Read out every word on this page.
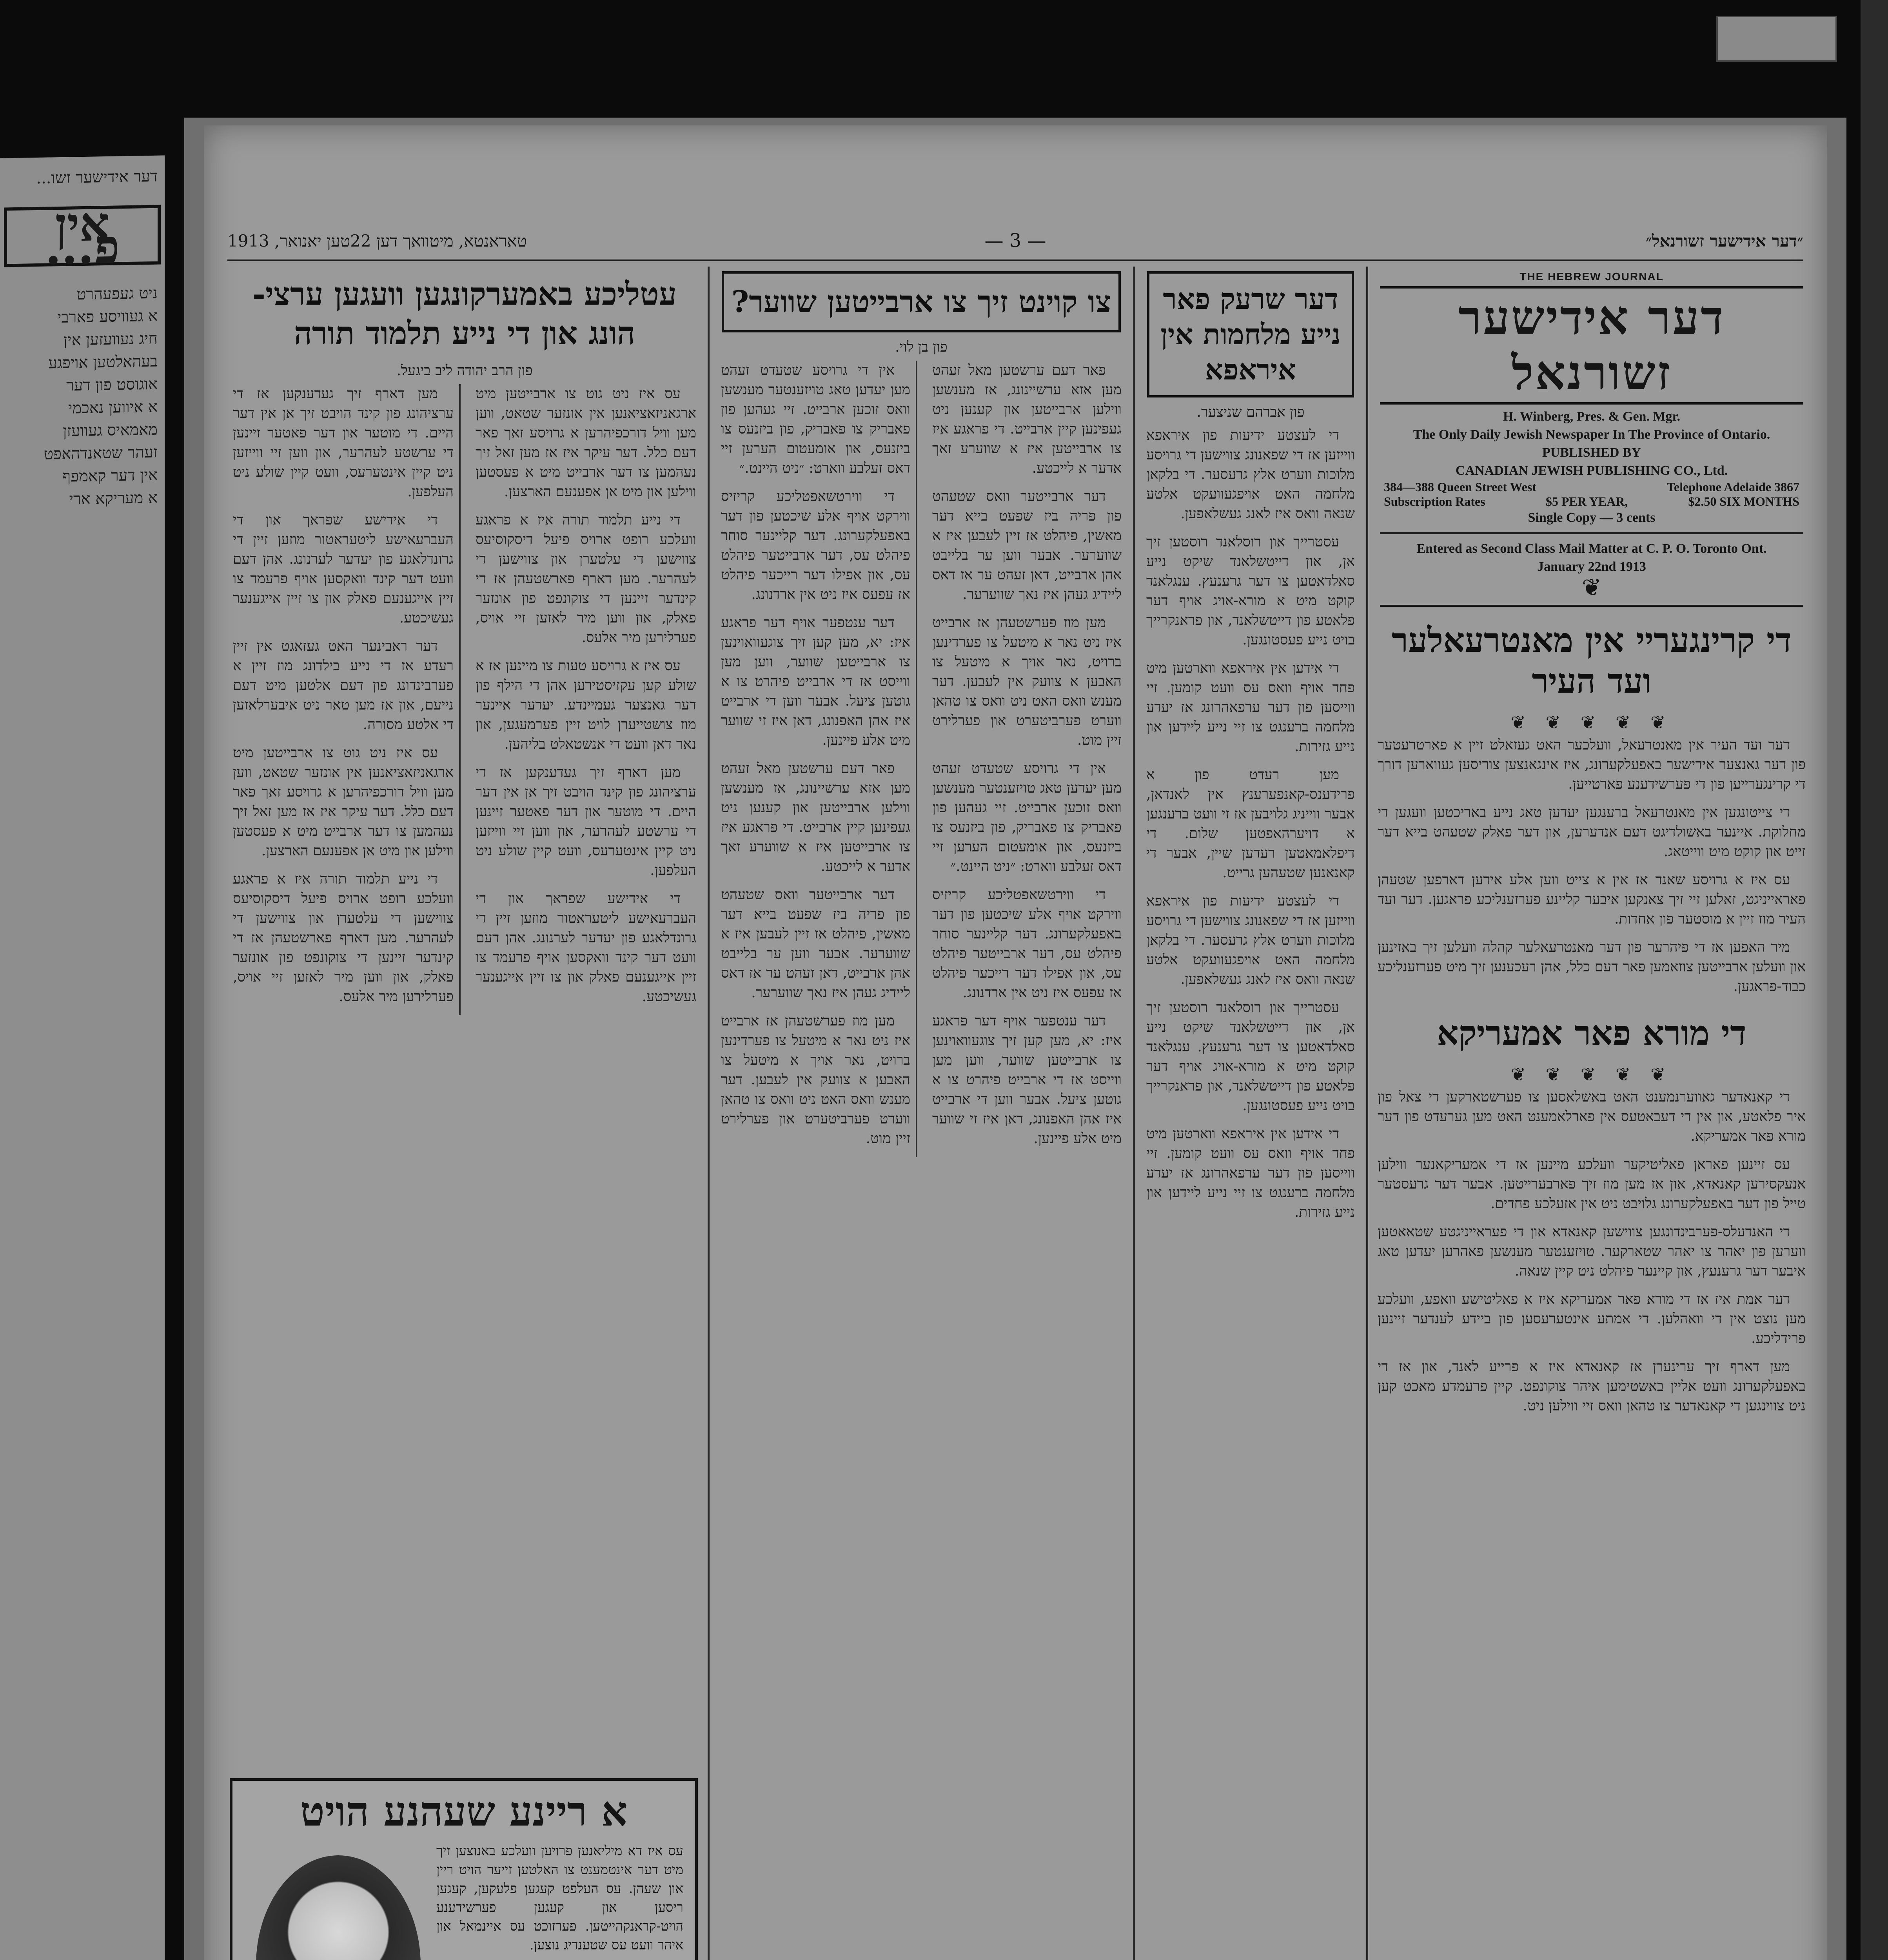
דער אידישער זשו...
אין פ...
ניט געפעהרט
א געוויסע פארבי
חיג נעוועזען אין
בעהאלטען אויפגע
אוגוסט פון דער
א איווען נאכמי
מאמאיס געוועזן
זעהר שטאנדהאפט
אין דער קאמפף
א מעריקא ארי
״דער אידישער זשורנאל״
— 3 —
טאראנטא, מיטוואך דען 22טען יאנואר, 1913
THE HEBREW JOURNAL
דער אידישער זשורנאל
H. Winberg, Pres. & Gen. Mgr.
The Only Daily Jewish Newspaper In The Province of Ontario.
PUBLISHED BY
CANADIAN JEWISH PUBLISHING CO., Ltd.
384—388 Queen Street West	Telephone Adelaide 3867
Subscription Rates	$5 PER YEAR,	$2.50 SIX MONTHS
Single Copy — 3 cents
Entered as Second Class Mail Matter at C. P. O. Toronto Ont.
January 22nd 1913
❦
די קרינגעריי אין מאנטרעאלער ועד העיר
❦ ❦ ❦ ❦ ❦

דער ועד העיר אין מאנטרעאל, וועלכער האט געזאלט זיין א פארטרעטער פון דער גאנצער אידישער באפעלקערונג, איז אינגאנצען צוריסען געווארען דורך די קרינגערייען פון די פערשידענע פארטייען.

די צייטונגען אין מאנטרעאל ברענגען יעדען טאג נייע באריכטען וועגען די מחלוקת. איינער באשולדיגט דעם אנדערען, און דער פאלק שטעהט בייא דער זייט און קוקט מיט ווייטאג.

עס איז א גרויסע שאנד אז אין א צייט ווען אלע אידען דארפען שטעהן פאראייניגט, זאלען זיי זיך צאנקען איבער קליינע פערזענליכע פראגען. דער ועד העיר מוז זיין א מוסטער פון אחדות.

מיר האפען אז די פיהרער פון דער מאנטרעאלער קהלה וועלען זיך באזינען און וועלען ארבייטען צוזאמען פאר דעם כלל, אהן רעכענען זיך מיט פערזענליכע כבוד-פראגען.

די מורא פאר אמעריקא
❦ ❦ ❦ ❦ ❦

די קאנאדער גאווערנמענט האט באשלאסען צו פערשטארקען די צאל פון איר פלאטע, און אין די דעבאטעס אין פארלאמענט האט מען גערעדט פון דער מורא פאר אמעריקא.

עס זיינען פאראן פאליטיקער וועלכע מיינען אז די אמעריקאנער ווילען אנעקסירען קאנאדא, און אז מען מוז זיך פארבערייטען. אבער דער גרעסטער טייל פון דער באפעלקערונג גלויבט ניט אין אזעלכע פחדים.

די האנדעלס-פערבינדונגען צווישען קאנאדא און די פעראייניגטע שטאאטען ווערען פון יאהר צו יאהר שטארקער. טויזענטער מענשען פאהרען יעדען טאג איבער דער גרענעץ, און קיינער פיהלט ניט קיין שנאה.

דער אמת איז אז די מורא פאר אמעריקא איז א פאליטישע וואפע, וועלכע מען נוצט אין די וואהלען. די אמתע אינטערעסען פון ביידע לענדער זיינען פרידליכע.

מען דארף זיך ערינערן אז קאנאדא איז א פרייע לאנד, און אז די באפעלקערונג וועט אליין באשטימען איהר צוקונפט. קיין פרעמדע מאכט קען ניט צווינגען די קאנאדער צו טהאן וואס זיי ווילען ניט.

דער שרעק פאר נייע מלחמות אין איראפא
פון אברהם שניצער.

די לעצטע ידיעות פון איראפא ווייזען אז די שפאנונג צווישען די גרויסע מלוכות ווערט אלץ גרעסער. די בלקאן מלחמה האט אויפגעוועקט אלטע שנאה וואס איז לאנג געשלאפען.

עסטרייך און רוסלאנד רוסטען זיך אן, און דייטשלאנד שיקט נייע סאלדאטען צו דער גרענעץ. ענגלאנד קוקט מיט א מורא-אויג אויף דער פלאטע פון דייטשלאנד, און פראנקרייך בויט נייע פעסטונגען.

די אידען אין איראפא ווארטען מיט פחד אויף וואס עס וועט קומען. זיי ווייסען פון דער ערפאהרונג אז יעדע מלחמה ברענגט צו זיי נייע ליידען און נייע גזירות.

מען רעדט פון א פרידענס-קאנפערענץ אין לאנדאן, אבער ווייניג גלויבען אז זי וועט ברענגען א דויערהאפטען שלום. די דיפלאמאטען רעדען שיין, אבער די קאנאנען שטעהען גרייט.

די לעצטע ידיעות פון איראפא ווייזען אז די שפאנונג צווישען די גרויסע מלוכות ווערט אלץ גרעסער. די בלקאן מלחמה האט אויפגעוועקט אלטע שנאה וואס איז לאנג געשלאפען.

עסטרייך און רוסלאנד רוסטען זיך אן, און דייטשלאנד שיקט נייע סאלדאטען צו דער גרענעץ. ענגלאנד קוקט מיט א מורא-אויג אויף דער פלאטע פון דייטשלאנד, און פראנקרייך בויט נייע פעסטונגען.

די אידען אין איראפא ווארטען מיט פחד אויף וואס עס וועט קומען. זיי ווייסען פון דער ערפאהרונג אז יעדע מלחמה ברענגט צו זיי נייע ליידען און נייע גזירות.

צו קוינט זיך צו ארבייטען שווער?
פון בן לוי.

פאר דעם ערשטען מאל זעהט מען אזא ערשיינונג, אז מענשען ווילען ארבייטען און קענען ניט געפינען קיין ארבייט. די פראגע איז צו ארבייטען איז א שווערע זאך אדער א לייכטע.

דער ארבייטער וואס שטעהט פון פריה ביז שפעט בייא דער מאשין, פיהלט אז זיין לעבען איז א שווערער. אבער ווען ער בלייבט אהן ארבייט, דאן זעהט ער אז דאס ליידיג געהן איז נאך שווערער.

מען מוז פערשטעהן אז ארבייט איז ניט נאר א מיטעל צו פערדינען ברויט, נאר אויך א מיטעל צו האבען א צוועק אין לעבען. דער מענש וואס האט ניט וואס צו טהאן ווערט פערביטערט און פערלירט זיין מוט.

אין די גרויסע שטעדט זעהט מען יעדען טאג טויזענטער מענשען וואס זוכען ארבייט. זיי געהען פון פאבריק צו פאבריק, פון ביזנעס צו ביזנעס, און אומעטום הערען זיי דאס זעלבע ווארט: ״ניט היינט.״

די ווירטשאפטליכע קריזיס ווירקט אויף אלע שיכטען פון דער באפעלקערונג. דער קליינער סוחר פיהלט עס, דער ארבייטער פיהלט עס, און אפילו דער רייכער פיהלט אז עפעס איז ניט אין ארדנונג.

דער ענטפער אויף דער פראגע איז: יא, מען קען זיך צוגעוואוינען צו ארבייטען שווער, ווען מען ווייסט אז די ארבייט פיהרט צו א גוטען ציעל. אבער ווען די ארבייט איז אהן האפנונג, דאן איז זי שווער מיט אלע פיינען.

אין די גרויסע שטעדט זעהט מען יעדען טאג טויזענטער מענשען וואס זוכען ארבייט. זיי געהען פון פאבריק צו פאבריק, פון ביזנעס צו ביזנעס, און אומעטום הערען זיי דאס זעלבע ווארט: ״ניט היינט.״

די ווירטשאפטליכע קריזיס ווירקט אויף אלע שיכטען פון דער באפעלקערונג. דער קליינער סוחר פיהלט עס, דער ארבייטער פיהלט עס, און אפילו דער רייכער פיהלט אז עפעס איז ניט אין ארדנונג.

דער ענטפער אויף דער פראגע איז: יא, מען קען זיך צוגעוואוינען צו ארבייטען שווער, ווען מען ווייסט אז די ארבייט פיהרט צו א גוטען ציעל. אבער ווען די ארבייט איז אהן האפנונג, דאן איז זי שווער מיט אלע פיינען.

פאר דעם ערשטען מאל זעהט מען אזא ערשיינונג, אז מענשען ווילען ארבייטען און קענען ניט געפינען קיין ארבייט. די פראגע איז צו ארבייטען איז א שווערע זאך אדער א לייכטע.

דער ארבייטער וואס שטעהט פון פריה ביז שפעט בייא דער מאשין, פיהלט אז זיין לעבען איז א שווערער. אבער ווען ער בלייבט אהן ארבייט, דאן זעהט ער אז דאס ליידיג געהן איז נאך שווערער.

מען מוז פערשטעהן אז ארבייט איז ניט נאר א מיטעל צו פערדינען ברויט, נאר אויך א מיטעל צו האבען א צוועק אין לעבען. דער מענש וואס האט ניט וואס צו טהאן ווערט פערביטערט און פערלירט זיין מוט.

עטליכע באמערקונגען וועגען ערצי- הונג און די נייע תלמוד תורה
פון הרב יהודה ליב ביגעל.

עס איז ניט גוט צו ארבייטען מיט ארגאניזאציאנען אין אונזער שטאט, ווען מען וויל דורכפיהרען א גרויסע זאך פאר דעם כלל. דער עיקר איז אז מען זאל זיך נעהמען צו דער ארבייט מיט א פעסטען ווילען און מיט אן אפענעם הארצען.

די נייע תלמוד תורה איז א פראגע וועלכע רופט ארויס פיעל דיסקוסיעס צווישען די עלטערן און צווישען די לעהרער. מען דארף פארשטעהן אז די קינדער זיינען די צוקונפט פון אונזער פאלק, און ווען מיר לאזען זיי אויס, פערלירען מיר אלעס.

עס איז א גרויסע טעות צו מיינען אז א שולע קען עקזיסטירען אהן די הילף פון דער גאנצער געמיינדע. יעדער איינער מוז צושטייערן לויט זיין פערמעגען, און נאר דאן וועט די אנשטאלט בליהען.

מען דארף זיך געדענקען אז די ערציהונג פון קינד הויבט זיך אן אין דער היים. די מוטער און דער פאטער זיינען די ערשטע לעהרער, און ווען זיי ווייזען ניט קיין אינטערעס, וועט קיין שולע ניט העלפען.

די אידישע שפראך און די העברעאישע ליטעראטור מוזען זיין די גרונדלאגע פון יעדער לערנונג. אהן דעם וועט דער קינד וואקסען אויף פרעמד צו זיין אייגענעם פאלק און צו זיין אייגענער געשיכטע.

מען דארף זיך געדענקען אז די ערציהונג פון קינד הויבט זיך אן אין דער היים. די מוטער און דער פאטער זיינען די ערשטע לעהרער, און ווען זיי ווייזען ניט קיין אינטערעס, וועט קיין שולע ניט העלפען.

די אידישע שפראך און די העברעאישע ליטעראטור מוזען זיין די גרונדלאגע פון יעדער לערנונג. אהן דעם וועט דער קינד וואקסען אויף פרעמד צו זיין אייגענעם פאלק און צו זיין אייגענער געשיכטע.

דער ראבינער האט געזאגט אין זיין רעדע אז די נייע בילדונג מוז זיין א פערבינדונג פון דעם אלטען מיט דעם נייעם, און אז מען טאר ניט איבערלאזען די אלטע מסורה.

עס איז ניט גוט צו ארבייטען מיט ארגאניזאציאנען אין אונזער שטאט, ווען מען וויל דורכפיהרען א גרויסע זאך פאר דעם כלל. דער עיקר איז אז מען זאל זיך נעהמען צו דער ארבייט מיט א פעסטען ווילען און מיט אן אפענעם הארצען.

די נייע תלמוד תורה איז א פראגע וועלכע רופט ארויס פיעל דיסקוסיעס צווישען די עלטערן און צווישען די לעהרער. מען דארף פארשטעהן אז די קינדער זיינען די צוקונפט פון אונזער פאלק, און ווען מיר לאזען זיי אויס, פערלירען מיר אלעס.

א ריינע שעהנע הויט
עס איז דא מיליאנען פרויען וועלכע באנוצען זיך מיט דער אינטמענט צו האלטען זייער הויט ריין און שעהן. עס העלפט קעגען פלעקען, קעגען ריסען און קעגען פערשידענע הויט-קראנקהייטען. פערזוכט עס איינמאל און איהר וועט עס שטענדיג נוצען.
